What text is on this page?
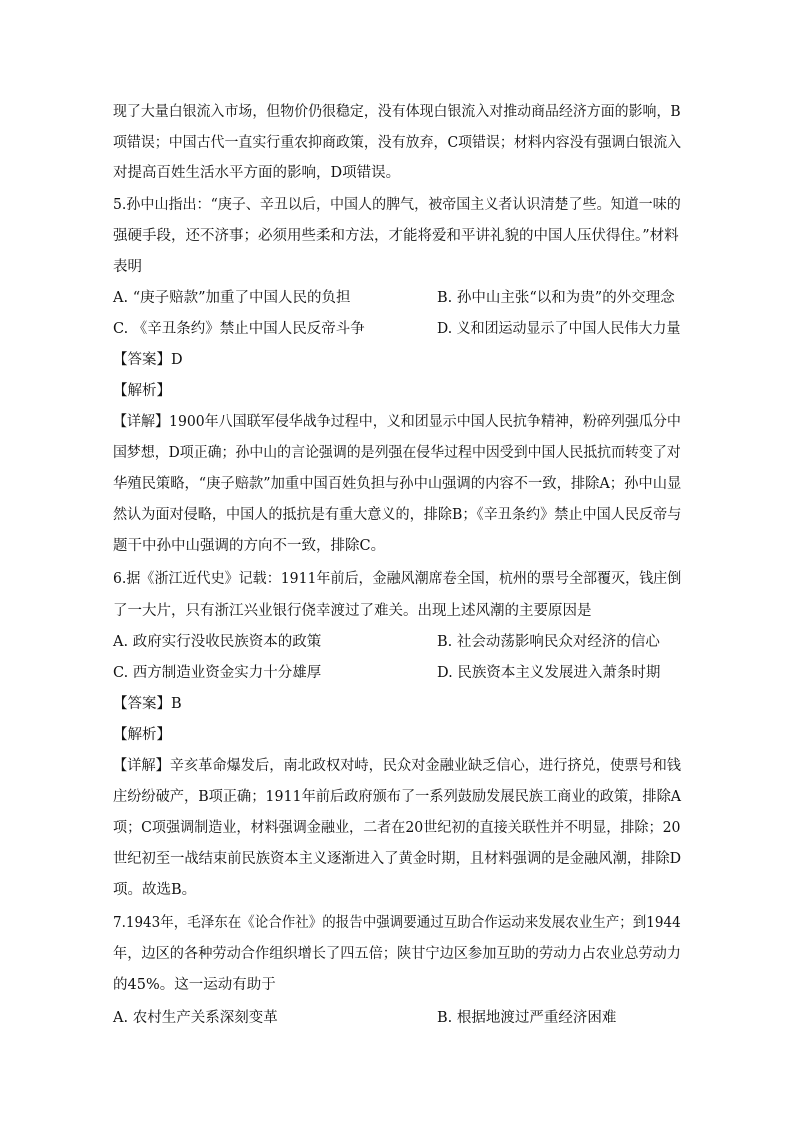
现了大量白银流入市场，但物价仍很稳定，没有体现白银流入对推动商品经济方面的影响，B
项错误；中国古代一直实行重农抑商政策，没有放弃，C项错误；材料内容没有强调白银流入
对提高百姓生活水平方面的影响，D项错误。
5.孙中山指出：“庚子、辛丑以后，中国人的脾气，被帝国主义者认识清楚了些。知道一味的
强硬手段，还不济事；必须用些柔和方法，才能将爱和平讲礼貌的中国人压伏得住。”材料
表明
A. “庚子赔款”加重了中国人民的负担	B. 孙中山主张“以和为贵”的外交理念
C. 《辛丑条约》禁止中国人民反帝斗争	D. 义和团运动显示了中国人民伟大力量
【答案】D
【解析】
【详解】1900年八国联军侵华战争过程中，义和团显示中国人民抗争精神，粉碎列强瓜分中
国梦想，D项正确；孙中山的言论强调的是列强在侵华过程中因受到中国人民抵抗而转变了对
华殖民策略，“庚子赔款”加重中国百姓负担与孙中山强调的内容不一致，排除A；孙中山显
然认为面对侵略，中国人的抵抗是有重大意义的，排除B；《辛丑条约》禁止中国人民反帝与
题干中孙中山强调的方向不一致，排除C。
6.据《浙江近代史》记载：1911年前后，金融风潮席卷全国，杭州的票号全部覆灭，钱庄倒
了一大片，只有浙江兴业银行侥幸渡过了难关。出现上述风潮的主要原因是
A. 政府实行没收民族资本的政策	B. 社会动荡影响民众对经济的信心
C. 西方制造业资金实力十分雄厚	D. 民族资本主义发展进入萧条时期
【答案】B
【解析】
【详解】辛亥革命爆发后，南北政权对峙，民众对金融业缺乏信心，进行挤兑，使票号和钱
庄纷纷破产，B项正确；1911年前后政府颁布了一系列鼓励发展民族工商业的政策，排除A
项；C项强调制造业，材料强调金融业，二者在20世纪初的直接关联性并不明显，排除；20
世纪初至一战结束前民族资本主义逐渐进入了黄金时期，且材料强调的是金融风潮，排除D
项。故选B。
7.1943年，毛泽东在《论合作社》的报告中强调要通过互助合作运动来发展农业生产；到1944
年，边区的各种劳动合作组织增长了四五倍；陕甘宁边区参加互助的劳动力占农业总劳动力
的45%。这一运动有助于
A. 农村生产关系深刻变革	B. 根据地渡过严重经济困难
